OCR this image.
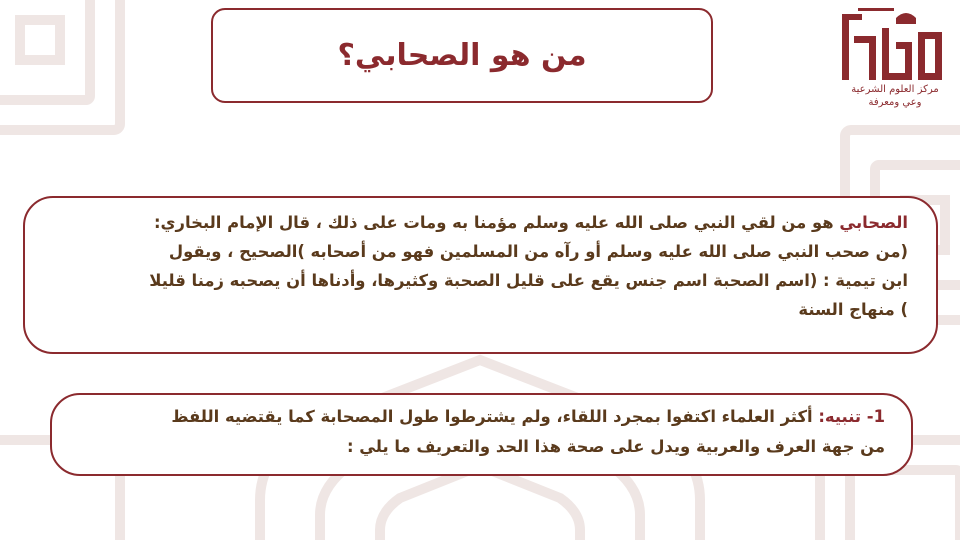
مركز العلوم الشرعية
وعي ومعرفة
من هو الصحابي؟

الصحابي هو من لقي النبي صلى الله عليه وسلم مؤمنا به ومات على ذلك ، قال الإمام البخاري:

(من صحب النبي صلى الله عليه وسلم أو رآه من المسلمين فهو من أصحابه )الصحيح ، ويقول

ابن تيمية : (اسم الصحبة اسم جنس يقع على قليل الصحبة وكثيرها، وأدناها أن يصحبه زمنا قليلا

) منهاج السنة

1- تنبيه: أكثر العلماء اكتفوا بمجرد اللقاء، ولم يشترطوا طول المصحابة كما يقتضيه اللفظ

من جهة العرف والعربية ويدل على صحة هذا الحد والتعريف ما يلي :
